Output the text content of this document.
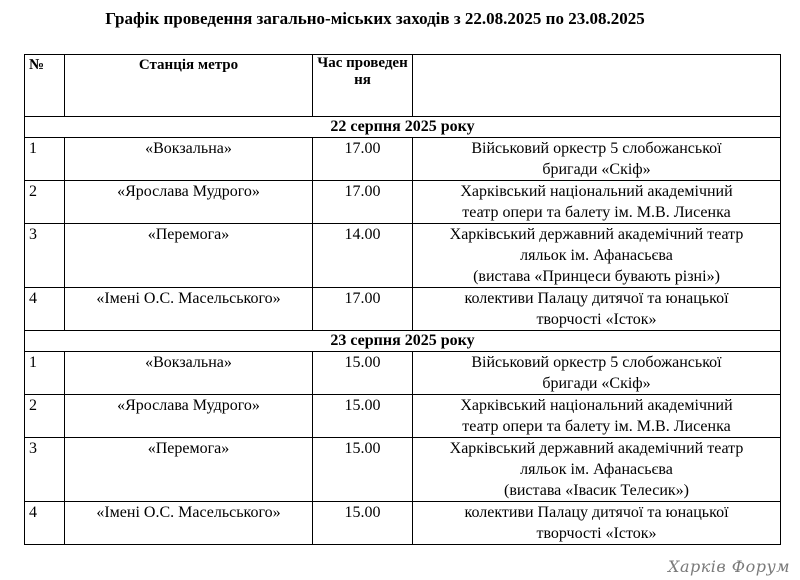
Графік проведення загально-міських заходів з 22.08.2025 по 23.08.2025
№	Станція метро	Час проведення	
22 серпня 2025 року			
1	«Вокзальна»	17.00	Військовий оркестр 5 слобожанської
бригади «Скіф»

2	«Ярослава Мудрого»	17.00	Харківський національний академічний
театр опери та балету ім. М.В. Лисенка

3	«Перемога»	14.00	Харківський державний академічний театр
ляльок ім. Афанасьєва
(вистава «Принцеси бувають різні»)

4	«Імені О.С. Масельського»	17.00	колективи Палацу дитячої та юнацької
творчості «Істок»

23 серпня 2025 року			
1	«Вокзальна»	15.00	Військовий оркестр 5 слобожанської
бригади «Скіф»

2	«Ярослава Мудрого»	15.00	Харківський національний академічний
театр опери та балету ім. М.В. Лисенка

3	«Перемога»	15.00	Харківський державний академічний театр
ляльок ім. Афанасьєва
(вистава «Івасик Телесик»)

4	«Імені О.С. Масельського»	15.00	колективи Палацу дитячої та юнацької
творчості «Істок»
Харків Форум
